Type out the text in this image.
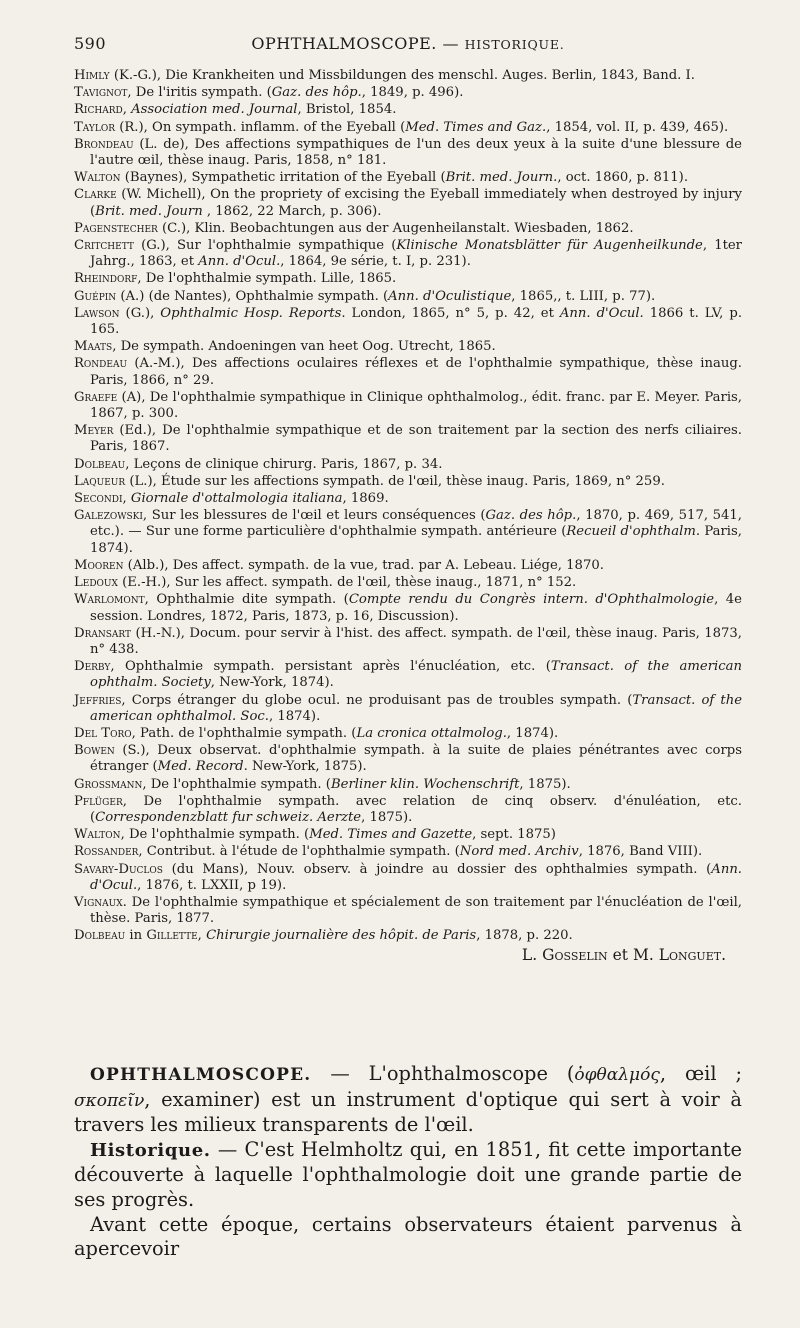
590	OPHTHALMOSCOPE. — HISTORIQUE.
Himly (K.-G.), Die Krankheiten und Missbildungen des menschl. Auges. Berlin, 1843, Band. I.
Tavignot, De l'iritis sympath. (Gaz. des hôp., 1849, p. 496).
Richard, Association med. Journal, Bristol, 1854.
Taylor (R.), On sympath. inflamm. of the Eyeball (Med. Times and Gaz., 1854, vol. II, p. 439, 465).
Brondeau (L. de), Des affections sympathiques de l'un des deux yeux à la suite d'une blessure de l'autre œil, thèse inaug. Paris, 1858, n° 181.
Walton (Baynes), Sympathetic irritation of the Eyeball (Brit. med. Journ., oct. 1860, p. 811).
Clarke (W. Michell), On the propriety of excising the Eyeball immediately when destroyed by injury (Brit. med. Journ , 1862, 22 March, p. 306).
Pagenstecher (C.), Klin. Beobachtungen aus der Augenheilanstalt. Wiesbaden, 1862.
Critchett (G.), Sur l'ophthalmie sympathique (Klinische Monatsblätter für Augenheilkunde, 1ter Jahrg., 1863, et Ann. d'Ocul., 1864, 9e série, t. I, p. 231).
Rheindorf, De l'ophthalmie sympath. Lille, 1865.
Guépin (A.) (de Nantes), Ophthalmie sympath. (Ann. d'Oculistique, 1865,, t. LIII, p. 77).
Lawson (G.), Ophthalmic Hosp. Reports. London, 1865, n° 5, p. 42, et Ann. d'Ocul. 1866 t. LV, p. 165.
Maats, De sympath. Andoeningen van heet Oog. Utrecht, 1865.
Rondeau (A.-M.), Des affections oculaires réflexes et de l'ophthalmie sympathique, thèse inaug. Paris, 1866, n° 29.
Graefe (A), De l'ophthalmie sympathique in Clinique ophthalmolog., édit. franc. par E. Meyer. Paris, 1867, p. 300.
Meyer (Ed.), De l'ophthalmie sympathique et de son traitement par la section des nerfs ciliaires. Paris, 1867.
Dolbeau, Leçons de clinique chirurg. Paris, 1867, p. 34.
Laqueur (L.), Étude sur les affections sympath. de l'œil, thèse inaug. Paris, 1869, n° 259.
Secondi, Giornale d'ottalmologia italiana, 1869.
Galezowski, Sur les blessures de l'œil et leurs conséquences (Gaz. des hôp., 1870, p. 469, 517, 541, etc.). — Sur une forme particulière d'ophthalmie sympath. antérieure (Recueil d'ophthalm. Paris, 1874).
Mooren (Alb.), Des affect. sympath. de la vue, trad. par A. Lebeau. Liége, 1870.
Ledoux (E.-H.), Sur les affect. sympath. de l'œil, thèse inaug., 1871, n° 152.
Warlomont, Ophthalmie dite sympath. (Compte rendu du Congrès intern. d'Ophthalmologie, 4e session. Londres, 1872, Paris, 1873, p. 16, Discussion).
Dransart (H.-N.), Docum. pour servir à l'hist. des affect. sympath. de l'œil, thèse inaug. Paris, 1873, n° 438.
Derby, Ophthalmie sympath. persistant après l'énucléation, etc. (Transact. of the american ophthalm. Society, New-York, 1874).
Jeffries, Corps étranger du globe ocul. ne produisant pas de troubles sympath. (Transact. of the american ophthalmol. Soc., 1874).
Del Toro, Path. de l'ophthalmie sympath. (La cronica ottalmolog., 1874).
Bowen (S.), Deux observat. d'ophthalmie sympath. à la suite de plaies pénétrantes avec corps étranger (Med. Record. New-York, 1875).
Grossmann, De l'ophthalmie sympath. (Berliner klin. Wochenschrift, 1875).
Pflüger, De l'ophthalmie sympath. avec relation de cinq observ. d'énuléation, etc. (Correspondenzblatt fur schweiz. Aerzte, 1875).
Walton, De l'ophthalmie sympath. (Med. Times and Gazette, sept. 1875)
Rossander, Contribut. à l'étude de l'ophthalmie sympath. (Nord med. Archiv, 1876, Band VIII).
Savary-Duclos (du Mans), Nouv. observ. à joindre au dossier des ophthalmies sympath. (Ann. d'Ocul., 1876, t. LXXII, p 19).
Vignaux. De l'ophthalmie sympathique et spécialement de son traitement par l'énucléation de l'œil, thèse. Paris, 1877.
Dolbeau in Gillette, Chirurgie journalière des hôpit. de Paris, 1878, p. 220.
L. Gosselin et M. Longuet.

OPHTHALMOSCOPE. — L'ophthalmoscope (ὀφθαλμός, œil ; σκοπεῖν, examiner) est un instrument d'optique qui sert à voir à travers les milieux transparents de l'œil.

Historique. — C'est Helmholtz qui, en 1851, fit cette importante découverte à laquelle l'ophthalmologie doit une grande partie de ses progrès.

Avant cette époque, certains observateurs étaient parvenus à apercevoir
